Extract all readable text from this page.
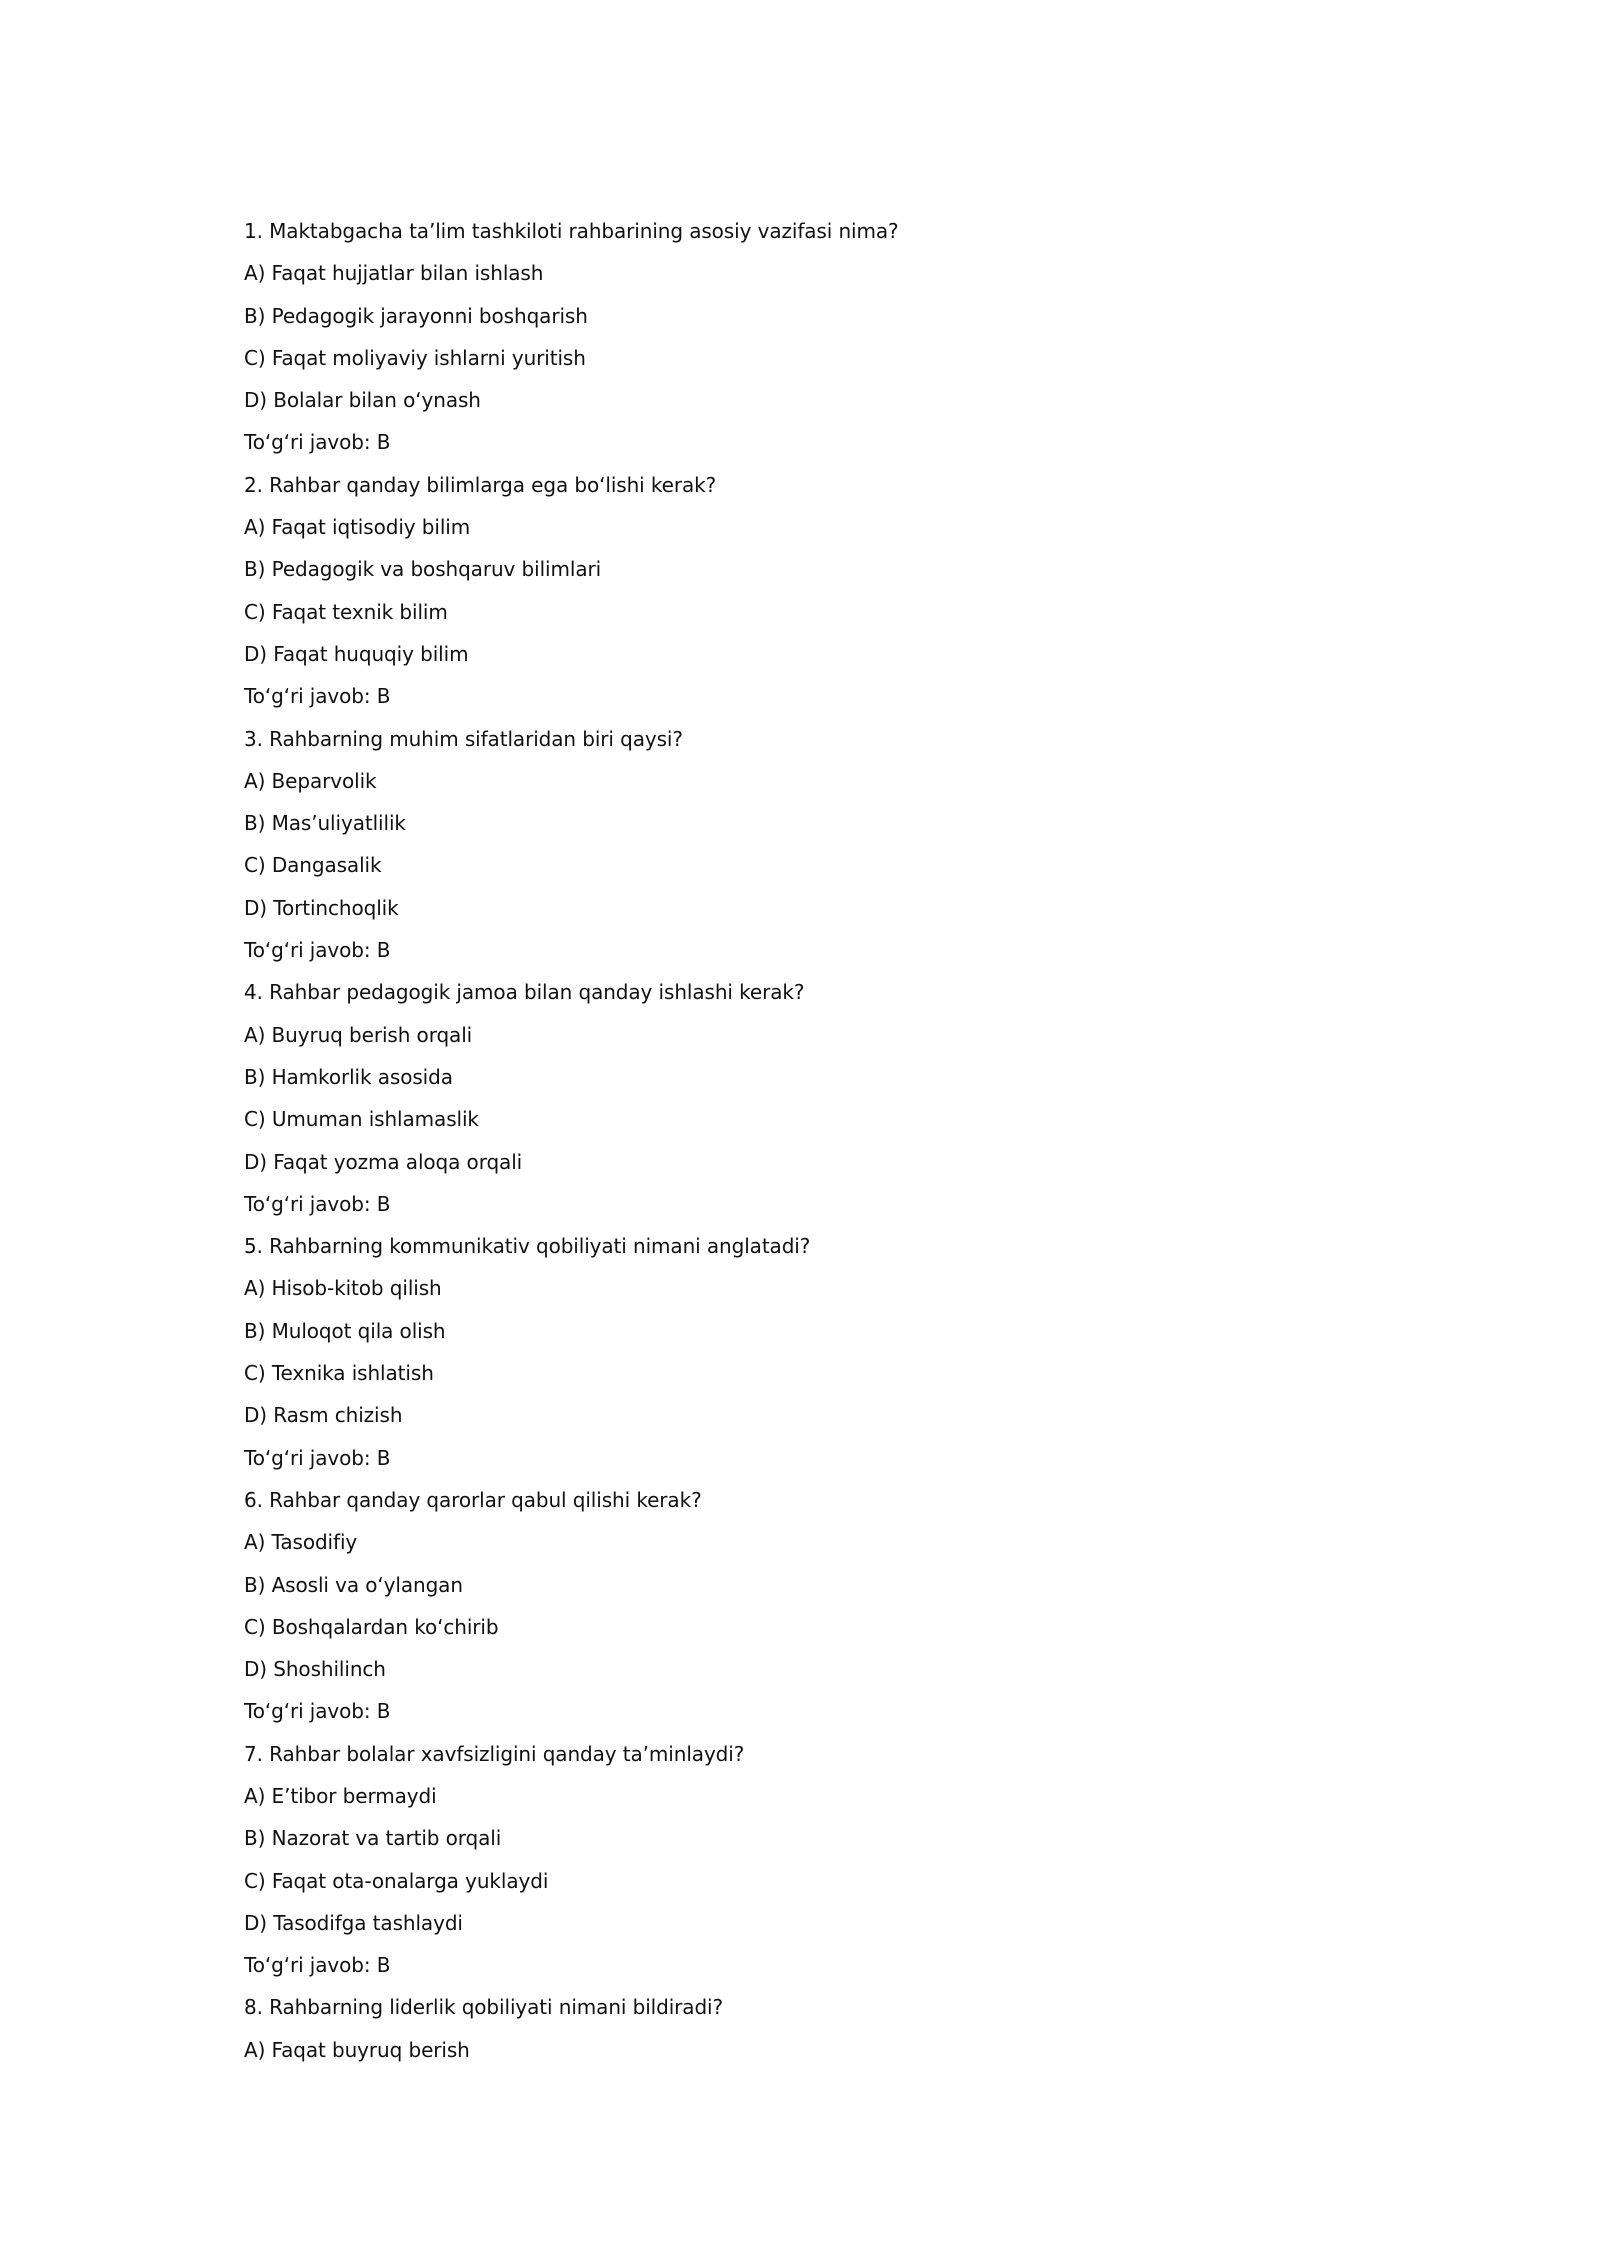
1. Maktabgacha ta’lim tashkiloti rahbarining asosiy vazifasi nima?
A) Faqat hujjatlar bilan ishlash
B) Pedagogik jarayonni boshqarish
C) Faqat moliyaviy ishlarni yuritish
D) Bolalar bilan o‘ynash
To‘g‘ri javob: B
2. Rahbar qanday bilimlarga ega bo‘lishi kerak?
A) Faqat iqtisodiy bilim
B) Pedagogik va boshqaruv bilimlari
C) Faqat texnik bilim
D) Faqat huquqiy bilim
To‘g‘ri javob: B
3. Rahbarning muhim sifatlaridan biri qaysi?
A) Beparvolik
B) Mas’uliyatlilik
C) Dangasalik
D) Tortinchoqlik
To‘g‘ri javob: B
4. Rahbar pedagogik jamoa bilan qanday ishlashi kerak?
A) Buyruq berish orqali
B) Hamkorlik asosida
C) Umuman ishlamaslik
D) Faqat yozma aloqa orqali
To‘g‘ri javob: B
5. Rahbarning kommunikativ qobiliyati nimani anglatadi?
A) Hisob-kitob qilish
B) Muloqot qila olish
C) Texnika ishlatish
D) Rasm chizish
To‘g‘ri javob: B
6. Rahbar qanday qarorlar qabul qilishi kerak?
A) Tasodifiy
B) Asosli va o‘ylangan
C) Boshqalardan ko‘chirib
D) Shoshilinch
To‘g‘ri javob: B
7. Rahbar bolalar xavfsizligini qanday ta’minlaydi?
A) E’tibor bermaydi
B) Nazorat va tartib orqali
C) Faqat ota-onalarga yuklaydi
D) Tasodifga tashlaydi
To‘g‘ri javob: B
8. Rahbarning liderlik qobiliyati nimani bildiradi?
A) Faqat buyruq berish
